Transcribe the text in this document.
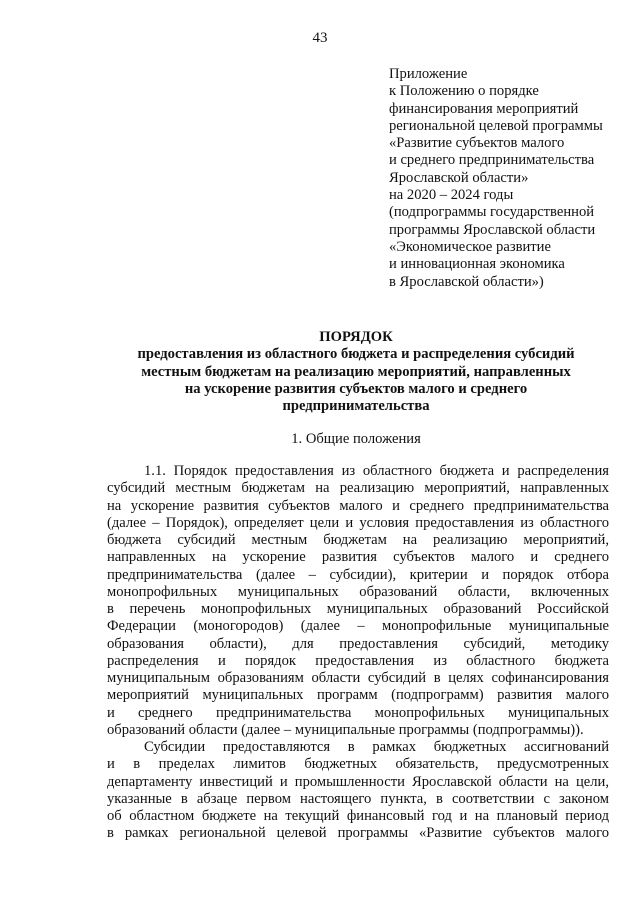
43
Приложение
к Положению о порядке
финансирования мероприятий
региональной целевой программы
«Развитие субъектов малого
и среднего предпринимательства
Ярославской области»
на 2020 – 2024 годы
(подпрограммы государственной
программы Ярославской области
«Экономическое развитие
и инновационная экономика
в Ярославской области»)
ПОРЯДОК
предоставления из областного бюджета и распределения субсидий
местным бюджетам на реализацию мероприятий, направленных
на ускорение развития субъектов малого и среднего
предпринимательства
1. Общие положения
1.1. Порядок предоставления из областного бюджета и распределения
субсидий местным бюджетам на реализацию мероприятий, направленных
на ускорение развития субъектов малого и среднего предпринимательства
(далее – Порядок), определяет цели и условия предоставления из областного
бюджета субсидий местным бюджетам на реализацию мероприятий,
направленных на ускорение развития субъектов малого и среднего
предпринимательства (далее – субсидии), критерии и порядок отбора
монопрофильных муниципальных образований области, включенных
в перечень монопрофильных муниципальных образований Российской
Федерации (моногородов) (далее – монопрофильные муниципальные
образования области), для предоставления субсидий, методику
распределения и порядок предоставления из областного бюджета
муниципальным образованиям области субсидий в целях софинансирования
мероприятий муниципальных программ (подпрограмм) развития малого
и среднего предпринимательства монопрофильных муниципальных
образований области (далее – муниципальные программы (подпрограммы)).
Субсидии предоставляются в рамках бюджетных ассигнований
и в пределах лимитов бюджетных обязательств, предусмотренных
департаменту инвестиций и промышленности Ярославской области на цели,
указанные в абзаце первом настоящего пункта, в соответствии с законом
об областном бюджете на текущий финансовый год и на плановый период
в рамках региональной целевой программы «Развитие субъектов малого
